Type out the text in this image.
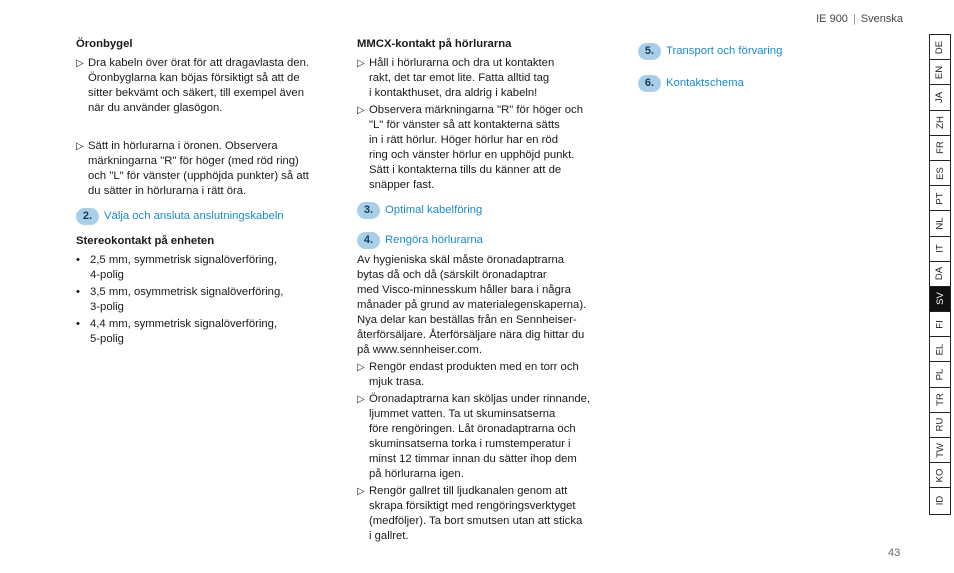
IE 900 | Svenska
Öronbygel
▷ Dra kabeln över örat för att dragavlasta den.
Öronbyglarna kan böjas försiktigt så att de
sitter bekvämt och säkert, till exempel även
när du använder glasögon.
▷ Sätt in hörlurarna i öronen. Observera
märkningarna "R" för höger (med röd ring)
och "L" för vänster (upphöjda punkter) så att
du sätter in hörlurarna i rätt öra.
2.	Välja och ansluta anslutningskabeln
Stereokontakt på enheten
• 2,5 mm, symmetrisk signalöverföring,
4-polig
• 3,5 mm, osymmetrisk signalöverföring,
3-polig
• 4,4 mm, symmetrisk signalöverföring,
5-polig
MMCX-kontakt på hörlurarna
▷ Håll i hörlurarna och dra ut kontakten
rakt, det tar emot lite. Fatta alltid tag
i kontakthuset, dra aldrig i kabeln!
▷ Observera märkningarna "R" för höger och
"L" för vänster så att kontakterna sätts
in i rätt hörlur. Höger hörlur har en röd
ring och vänster hörlur en upphöjd punkt.
Sätt i kontakterna tills du känner att de
snäpper fast.
3.	Optimal kabelföring
4.	Rengöra hörlurarna
Av hygieniska skäl måste öronadaptrarna
bytas då och då (särskilt öronadaptrar
med Visco-minnesskum håller bara i några
månader på grund av materialegenskaperna).
Nya delar kan beställas från en Sennheiser-
återförsäljare. Återförsäljare nära dig hittar du
på www.sennheiser.com.
▷ Rengör endast produkten med en torr och
mjuk trasa.
▷ Öronadaptrarna kan sköljas under rinnande,
ljummet vatten. Ta ut skuminsatserna
före rengöringen. Låt öronadaptrarna och
skuminsatserna torka i rumstemperatur i
minst 12 timmar innan du sätter ihop dem
på hörlurarna igen.
▷ Rengör gallret till ljudkanalen genom att
skrapa försiktigt med rengöringsverktyget
(medföljer). Ta bort smutsen utan att sticka
i gallret.
5.	Transport och förvaring
6.	Kontaktschema
DE
EN
JA
ZH
FR
ES
PT
NL
IT
DA
SV
FI
EL
PL
TR
RU
TW
KO
ID
43
